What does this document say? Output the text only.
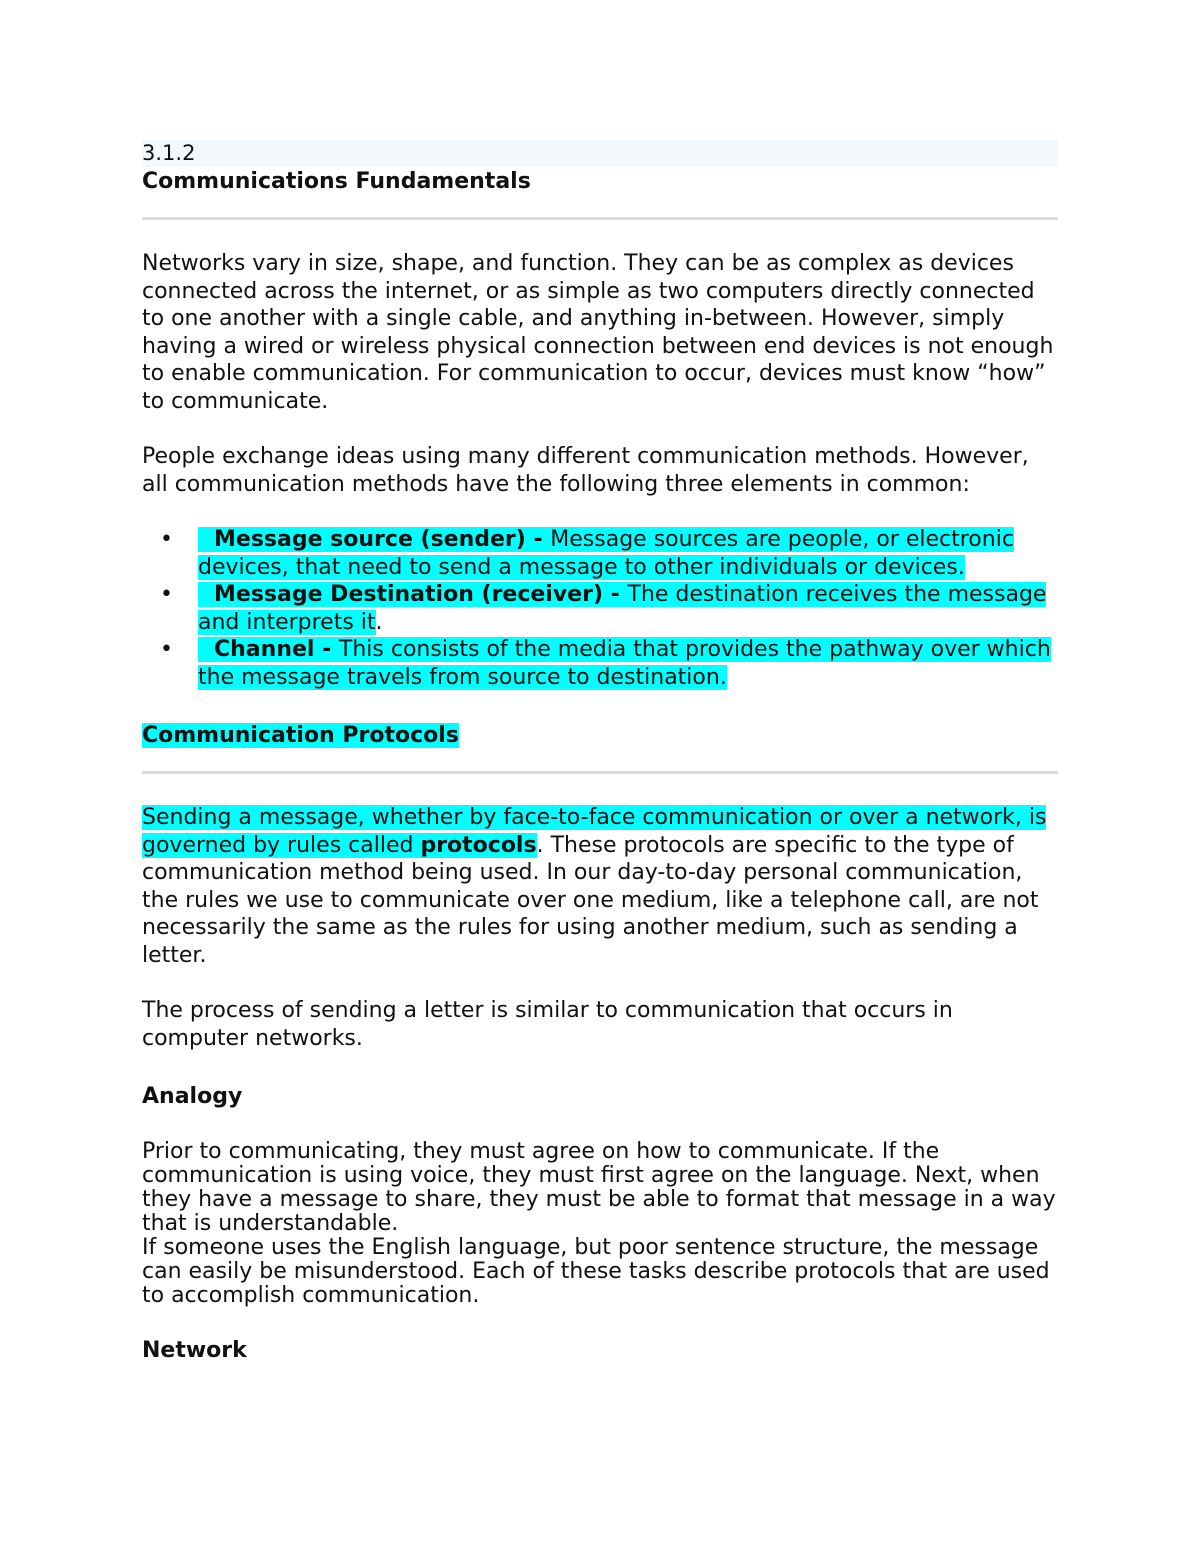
3.1.2
Communications Fundamentals

Networks vary in size, shape, and function. They can be as complex as devices connected across the internet, or as simple as two computers directly connected to one another with a single cable, and anything in-between. However, simply having a wired or wireless physical connection between end devices is not enough to enable communication. For communication to occur, devices must know “how” to communicate.

People exchange ideas using many different communication methods. However, all communication methods have the following three elements in common:

• Message source (sender) - Message sources are people, or electronic devices, that need to send a message to other individuals or devices.
• Message Destination (receiver) - The destination receives the message and interprets it.
• Channel - This consists of the media that provides the pathway over which the message travels from source to destination.
Communication Protocols

Sending a message, whether by face-to-face communication or over a network, is governed by rules called protocols. These protocols are specific to the type of communication method being used. In our day-to-day personal communication, the rules we use to communicate over one medium, like a telephone call, are not necessarily the same as the rules for using another medium, such as sending a letter.

The process of sending a letter is similar to communication that occurs in computer networks.

Analogy

Prior to communicating, they must agree on how to communicate. If the communication is using voice, they must first agree on the language. Next, when they have a message to share, they must be able to format that message in a way that is understandable.

If someone uses the English language, but poor sentence structure, the message can easily be misunderstood. Each of these tasks describe protocols that are used to accomplish communication.

Network
